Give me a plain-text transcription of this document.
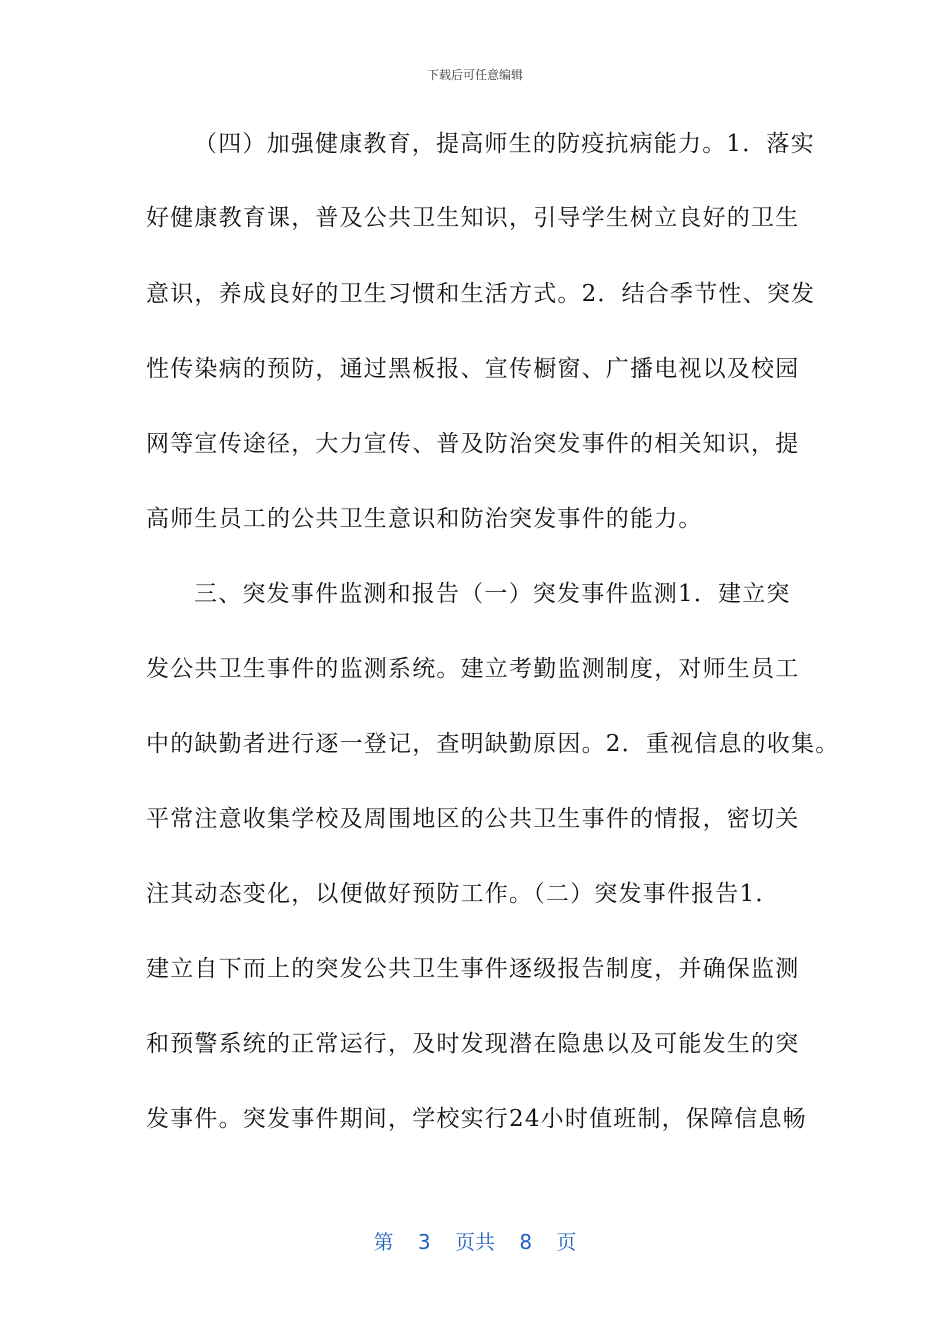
下载后可任意编辑
（四）加强健康教育，提高师生的防疫抗病能力。1．落实
好健康教育课，普及公共卫生知识，引导学生树立良好的卫生
意识，养成良好的卫生习惯和生活方式。2．结合季节性、突发
性传染病的预防，通过黑板报、宣传橱窗、广播电视以及校园
网等宣传途径，大力宣传、普及防治突发事件的相关知识，提
高师生员工的公共卫生意识和防治突发事件的能力。
三、突发事件监测和报告（一）突发事件监测1．建立突
发公共卫生事件的监测系统。建立考勤监测制度，对师生员工
中的缺勤者进行逐一登记，查明缺勤原因。2．重视信息的收集。
平常注意收集学校及周围地区的公共卫生事件的情报，密切关
注其动态变化，以便做好预防工作。（二）突发事件报告1．
建立自下而上的突发公共卫生事件逐级报告制度，并确保监测
和预警系统的正常运行，及时发现潜在隐患以及可能发生的突
发事件。突发事件期间，学校实行24小时值班制，保障信息畅
第 3 页共 8 页
